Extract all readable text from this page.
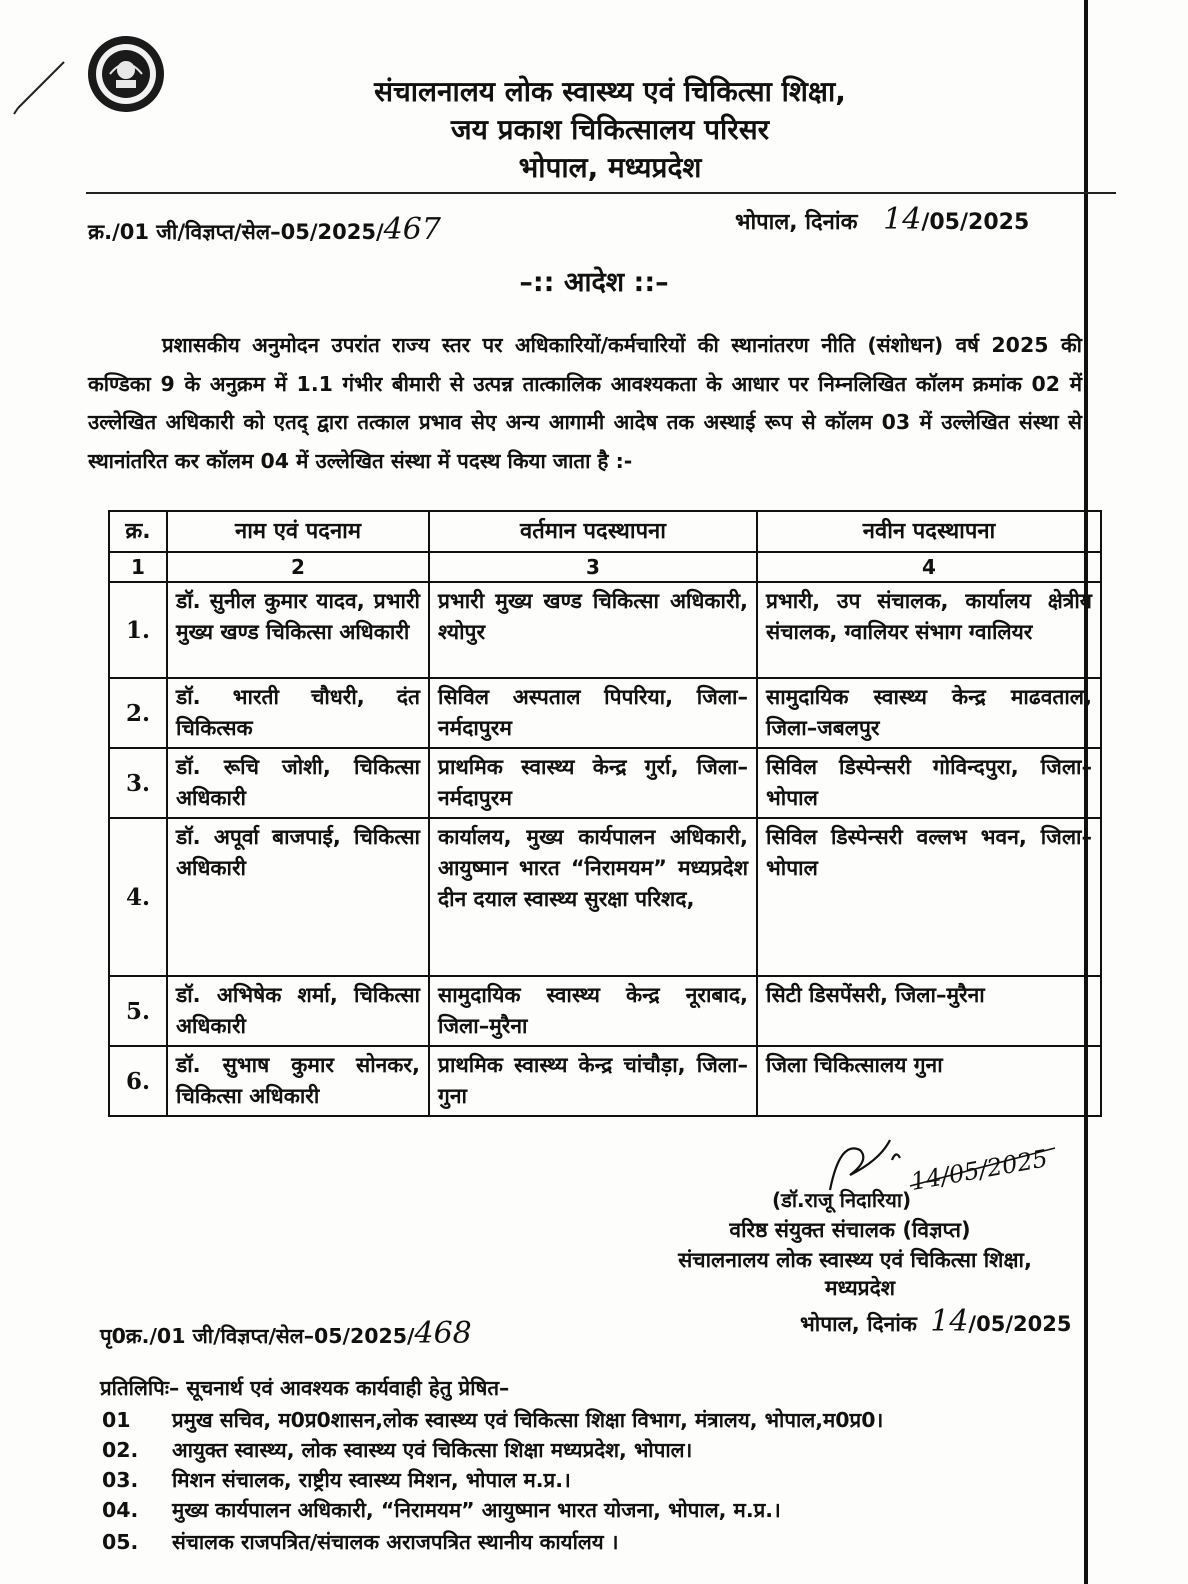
संचालनालय लोक स्वास्थ्य एवं चिकित्सा शिक्षा,
जय प्रकाश चिकित्सालय परिसर
भोपाल, मध्यप्रदेश
क्र./01 जी/विज्ञप्त/सेल–05/2025/467	भोपाल, दिनांक 14/05/2025
–:: आदेश ::–
प्रशासकीय अनुमोदन उपरांत राज्य स्तर पर अधिकारियों/कर्मचारियों की स्थानांतरण नीति (संशोधन) वर्ष 2025 की कण्डिका 9 के अनुक्रम में 1.1 गंभीर बीमारी से उत्पन्न तात्कालिक आवश्यकता के आधार पर निम्नलिखित कॉलम क्रमांक 02 में उल्लेखित अधिकारी को एतद् द्वारा तत्काल प्रभाव सेए अन्य आगामी आदेष तक अस्थाई रूप से कॉलम 03 में उल्लेखित संस्था से स्थानांतरित कर कॉलम 04 में उल्लेखित संस्था में पदस्थ किया जाता है :-
क्र.	नाम एवं पदनाम	वर्तमान पदस्थापना	नवीन पदस्थापना
1	2	3	4
1.	डॉ. सुनील कुमार यादव, प्रभारी मुख्य खण्ड चिकित्सा अधिकारी	प्रभारी मुख्य खण्ड चिकित्सा अधिकारी, श्योपुर	प्रभारी, उप संचालक, कार्यालय क्षेत्रीय संचालक, ग्वालियर संभाग ग्वालियर
2.	डॉ. भारती चौधरी, दंत चिकित्सक	सिविल अस्पताल पिपरिया, जिला–नर्मदापुरम	सामुदायिक स्वास्थ्य केन्द्र माढवताल, जिला–जबलपुर
3.	डॉ. रूचि जोशी, चिकित्सा अधिकारी	प्राथमिक स्वास्थ्य केन्द्र गुर्रा, जिला–नर्मदापुरम	सिविल डिस्पेन्सरी गोविन्दपुरा, जिला–भोपाल
4.	डॉ. अपूर्वा बाजपाई, चिकित्सा अधिकारी	कार्यालय, मुख्य कार्यपालन अधिकारी, आयुष्मान भारत “निरामयम” मध्यप्रदेश दीन दयाल स्वास्थ्य सुरक्षा परिशद,	सिविल डिस्पेन्सरी वल्लभ भवन, जिला–भोपाल
5.	डॉ. अभिषेक शर्मा, चिकित्सा अधिकारी	सामुदायिक स्वास्थ्य केन्द्र नूराबाद, जिला–मुरैना	सिटी डिसपेंसरी, जिला–मुरैना
6.	डॉ. सुभाष कुमार सोनकर, चिकित्सा अधिकारी	प्राथमिक स्वास्थ्य केन्द्र चांचौड़ा, जिला–गुना	जिला चिकित्सालय गुना
14/05/2025
(डॉ.राजू निदारिया)
वरिष्ठ संयुक्त संचालक (विज्ञप्त)
संचालनालय लोक स्वास्थ्य एवं चिकित्सा शिक्षा,
मध्यप्रदेश
पृ0क्र./01 जी/विज्ञप्त/सेल–05/2025/468	भोपाल, दिनांक 14/05/2025
प्रतिलिपिः– सूचनार्थ एवं आवश्यक कार्यवाही हेतु प्रेषित–
01 प्रमुख सचिव, म0प्र0शासन,लोक स्वास्थ्य एवं चिकित्सा शिक्षा विभाग, मंत्रालय, भोपाल,म0प्र0।
02. आयुक्त स्वास्थ्य, लोक स्वास्थ्य एवं चिकित्सा शिक्षा मध्यप्रदेश, भोपाल।
03. मिशन संचालक, राष्ट्रीय स्वास्थ्य मिशन, भोपाल म.प्र.।
04. मुख्य कार्यपालन अधिकारी, “निरामयम” आयुष्मान भारत योजना, भोपाल, म.प्र.।
05. संचालक राजपत्रित/संचालक अराजपत्रित स्थानीय कार्यालय ।
